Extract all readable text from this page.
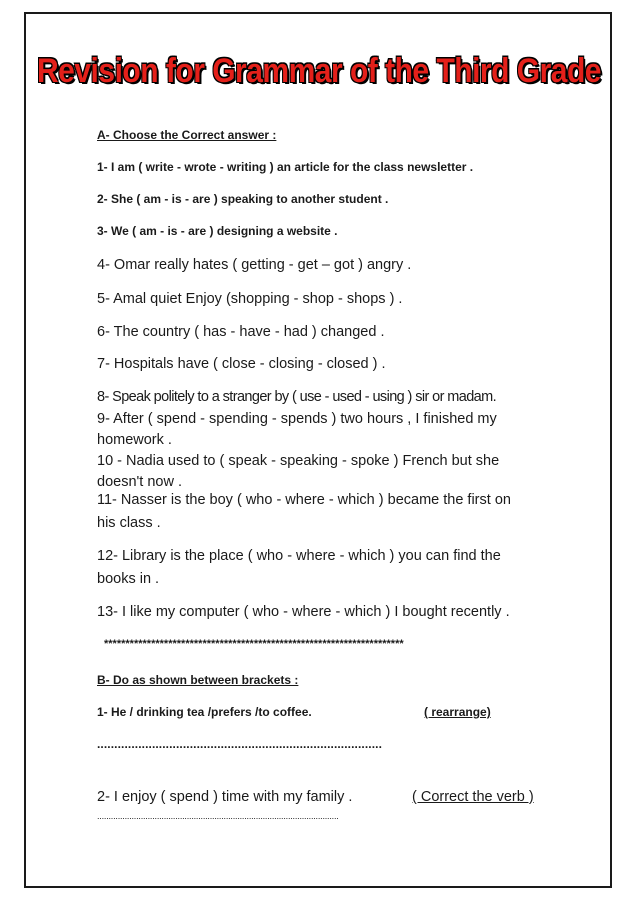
Revision for Grammar of the Third Grade
A- Choose the Correct answer :
1- I am ( write - wrote - writing ) an article for the class newsletter .
2- She ( am - is - are ) speaking to another student .
3- We ( am - is - are ) designing a website .
4- Omar really hates ( getting - get – got ) angry .
5- Amal quiet Enjoy (shopping - shop - shops ) .
6- The country ( has - have - had ) changed .
7- Hospitals have ( close - closing - closed ) .
8- Speak politely to a stranger by ( use - used - using ) sir or madam.
9- After ( spend - spending - spends ) two hours , I finished my
homework .
10 - Nadia used to ( speak - speaking - spoke ) French but she
doesn't now .
11- Nasser is the boy ( who - where - which ) became the first on
his class .
12- Library is the place ( who - where - which ) you can find the
books in .
13- I like my computer ( who - where - which ) I bought recently .
**********************************************************************
B- Do as shown between brackets :
1- He / drinking tea /prefers /to coffee.	( rearrange)
...................................................................................
2- I enjoy ( spend ) time with my family .	( Correct the verb )
.........................................................................................................
